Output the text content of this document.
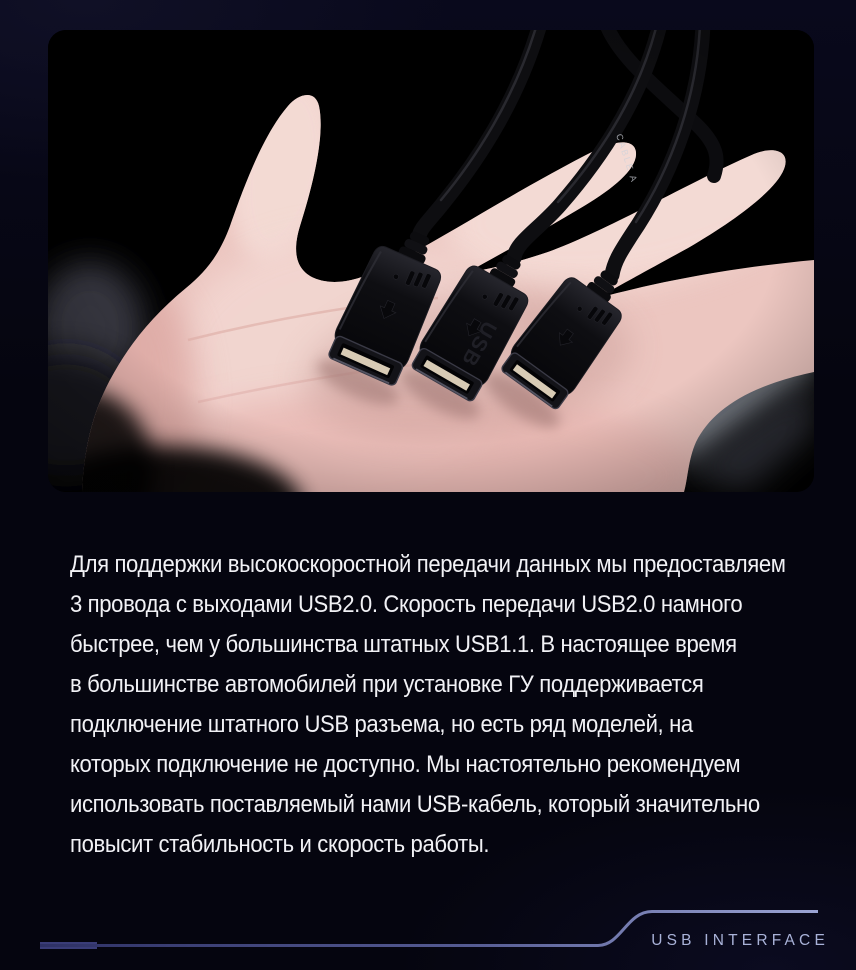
Для поддержки высокоскоростной передачи данных мы предоставляем
3 провода с выходами USB2.0. Скорость передачи USB2.0 намного
быстрее, чем у большинства штатных USB1.1. В настоящее время
в большинстве автомобилей при установке ГУ поддерживается
подключение штатного USB разъема, но есть ряд моделей, на
которых подключение не доступно. Мы настоятельно рекомендуем
использовать поставляемый нами USB-кабель, который значительно
повысит стабильность и скорость работы.
USB INTERFACE
